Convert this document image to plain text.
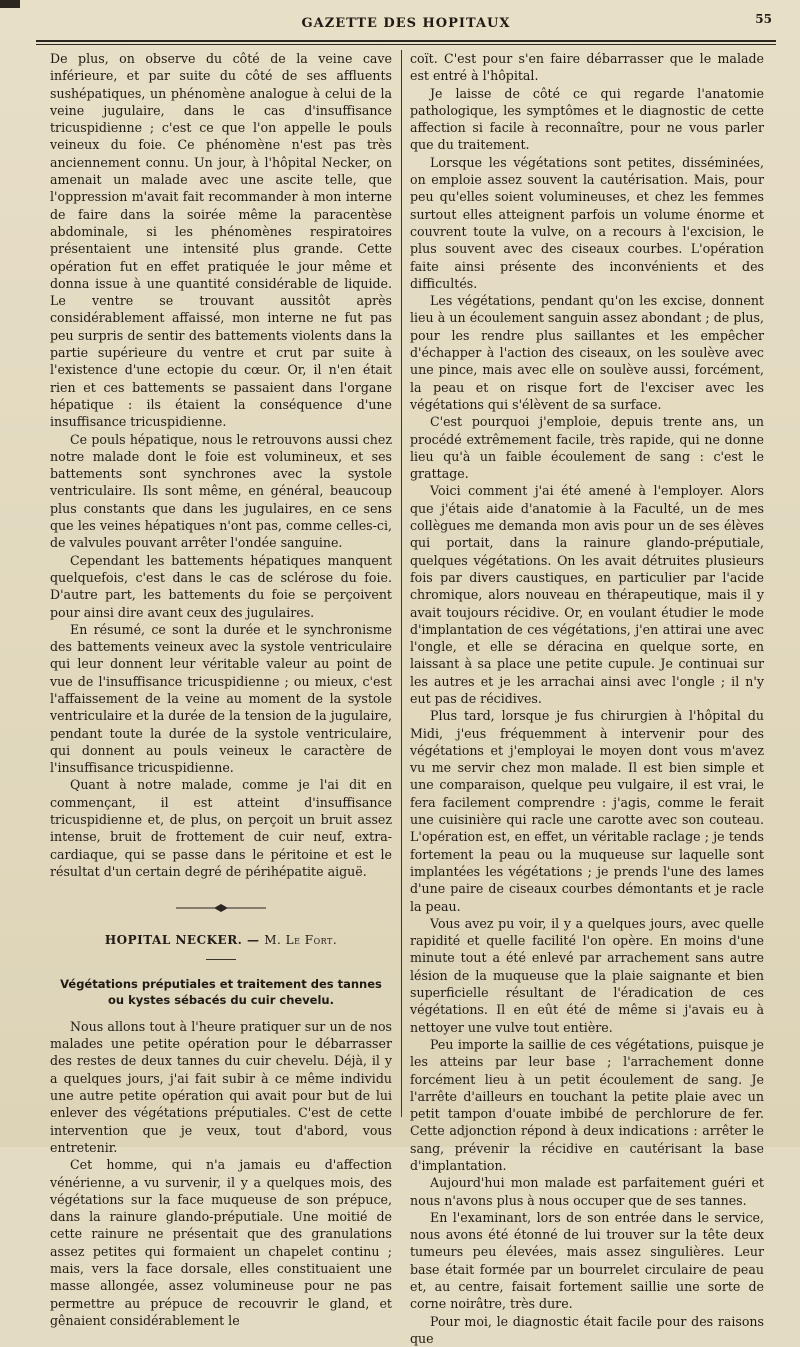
GAZETTE DES HOPITAUX	55

De plus, on observe du côté de la veine cave inférieure, et par suite du côté de ses affluents sushépatiques, un phénomène analogue à celui de la veine jugulaire, dans le cas d'insuffisance tricuspidienne ; c'est ce que l'on appelle le pouls veineux du foie. Ce phénomène n'est pas très anciennement connu. Un jour, à l'hôpital Necker, on amenait un malade avec une ascite telle, que l'oppression m'avait fait recommander à mon interne de faire dans la soirée même la paracentèse abdominale, si les phénomènes respiratoires présentaient une intensité plus grande. Cette opération fut en effet pratiquée le jour même et donna issue à une quantité considérable de liquide. Le ventre se trouvant aussitôt après considérablement affaissé, mon interne ne fut pas peu surpris de sentir des battements violents dans la partie supérieure du ventre et crut par suite à l'existence d'une ectopie du cœur. Or, il n'en était rien et ces battements se passaient dans l'organe hépatique : ils étaient la conséquence d'une insuffisance tricuspidienne.

Ce pouls hépatique, nous le retrouvons aussi chez notre malade dont le foie est volumineux, et ses battements sont synchrones avec la systole ventriculaire. Ils sont même, en général, beaucoup plus constants que dans les jugulaires, en ce sens que les veines hépatiques n'ont pas, comme celles-ci, de valvules pouvant arrêter l'ondée sanguine.

Cependant les battements hépatiques manquent quelquefois, c'est dans le cas de sclérose du foie. D'autre part, les battements du foie se perçoivent pour ainsi dire avant ceux des jugulaires.

En résumé, ce sont la durée et le synchronisme des battements veineux avec la systole ventriculaire qui leur donnent leur véritable valeur au point de vue de l'insuffisance tricuspidienne ; ou mieux, c'est l'affaissement de la veine au moment de la systole ventriculaire et la durée de la tension de la jugulaire, pendant toute la durée de la systole ventriculaire, qui donnent au pouls veineux le caractère de l'insuffisance tricuspidienne.

Quant à notre malade, comme je l'ai dit en commençant, il est atteint d'insuffisance tricuspidienne et, de plus, on perçoit un bruit assez intense, bruit de frottement de cuir neuf, extra-cardiaque, qui se passe dans le péritoine et est le résultat d'un certain degré de périhépatite aiguë.

HOPITAL NECKER. — M. Le Fort.
Végétations préputiales et traitement des tannes
ou kystes sébacés du cuir chevelu.

Nous allons tout à l'heure pratiquer sur un de nos malades une petite opération pour le débarrasser des restes de deux tannes du cuir chevelu. Déjà, il y a quelques jours, j'ai fait subir à ce même individu une autre petite opération qui avait pour but de lui enlever des végétations préputiales. C'est de cette intervention que je veux, tout d'abord, vous entretenir.

Cet homme, qui n'a jamais eu d'affection vénérienne, a vu survenir, il y a quelques mois, des végétations sur la face muqueuse de son prépuce, dans la rainure glando-préputiale. Une moitié de cette rainure ne présentait que des granulations assez petites qui formaient un chapelet continu ; mais, vers la face dorsale, elles constituaient une masse allongée, assez volumineuse pour ne pas permettre au prépuce de recouvrir le gland, et gênaient considérablement le

coït. C'est pour s'en faire débarrasser que le malade est entré à l'hôpital.

Je laisse de côté ce qui regarde l'anatomie pathologique, les symptômes et le diagnostic de cette affection si facile à reconnaître, pour ne vous parler que du traitement.

Lorsque les végétations sont petites, disséminées, on emploie assez souvent la cautérisation. Mais, pour peu qu'elles soient volumineuses, et chez les femmes surtout elles atteignent parfois un volume énorme et couvrent toute la vulve, on a recours à l'excision, le plus souvent avec des ciseaux courbes. L'opération faite ainsi présente des inconvénients et des difficultés.

Les végétations, pendant qu'on les excise, donnent lieu à un écoulement sanguin assez abondant ; de plus, pour les rendre plus saillantes et les empêcher d'échapper à l'action des ciseaux, on les soulève avec une pince, mais avec elle on soulève aussi, forcément, la peau et on risque fort de l'exciser avec les végétations qui s'élèvent de sa surface.

C'est pourquoi j'emploie, depuis trente ans, un procédé extrêmement facile, très rapide, qui ne donne lieu qu'à un faible écoulement de sang : c'est le grattage.

Voici comment j'ai été amené à l'employer. Alors que j'étais aide d'anatomie à la Faculté, un de mes collègues me demanda mon avis pour un de ses élèves qui portait, dans la rainure glando-préputiale, quelques végétations. On les avait détruites plusieurs fois par divers caustiques, en particulier par l'acide chromique, alors nouveau en thérapeutique, mais il y avait toujours récidive. Or, en voulant étudier le mode d'implantation de ces végétations, j'en attirai une avec l'ongle, et elle se déracina en quelque sorte, en laissant à sa place une petite cupule. Je continuai sur les autres et je les arrachai ainsi avec l'ongle ; il n'y eut pas de récidives.

Plus tard, lorsque je fus chirurgien à l'hôpital du Midi, j'eus fréquemment à intervenir pour des végétations et j'employai le moyen dont vous m'avez vu me servir chez mon malade. Il est bien simple et une comparaison, quelque peu vulgaire, il est vrai, le fera facilement comprendre : j'agis, comme le ferait une cuisinière qui racle une carotte avec son couteau. L'opération est, en effet, un véritable raclage ; je tends fortement la peau ou la muqueuse sur laquelle sont implantées les végétations ; je prends l'une des lames d'une paire de ciseaux courbes démontants et je racle la peau.

Vous avez pu voir, il y a quelques jours, avec quelle rapidité et quelle facilité l'on opère. En moins d'une minute tout a été enlevé par arrachement sans autre lésion de la muqueuse que la plaie saignante et bien superficielle résultant de l'éradication de ces végétations. Il en eût été de même si j'avais eu à nettoyer une vulve tout entière.

Peu importe la saillie de ces végétations, puisque je les atteins par leur base ; l'arrachement donne forcément lieu à un petit écoulement de sang. Je l'arrête d'ailleurs en touchant la petite plaie avec un petit tampon d'ouate imbibé de perchlorure de fer. Cette adjonction répond à deux indications : arrêter le sang, prévenir la récidive en cautérisant la base d'implantation.

Aujourd'hui mon malade est parfaitement guéri et nous n'avons plus à nous occuper que de ses tannes.

En l'examinant, lors de son entrée dans le service, nous avons été étonné de lui trouver sur la tête deux tumeurs peu élevées, mais assez singulières. Leur base était formée par un bourrelet circulaire de peau et, au centre, faisait fortement saillie une sorte de corne noirâtre, très dure.

Pour moi, le diagnostic était facile pour des raisons que
